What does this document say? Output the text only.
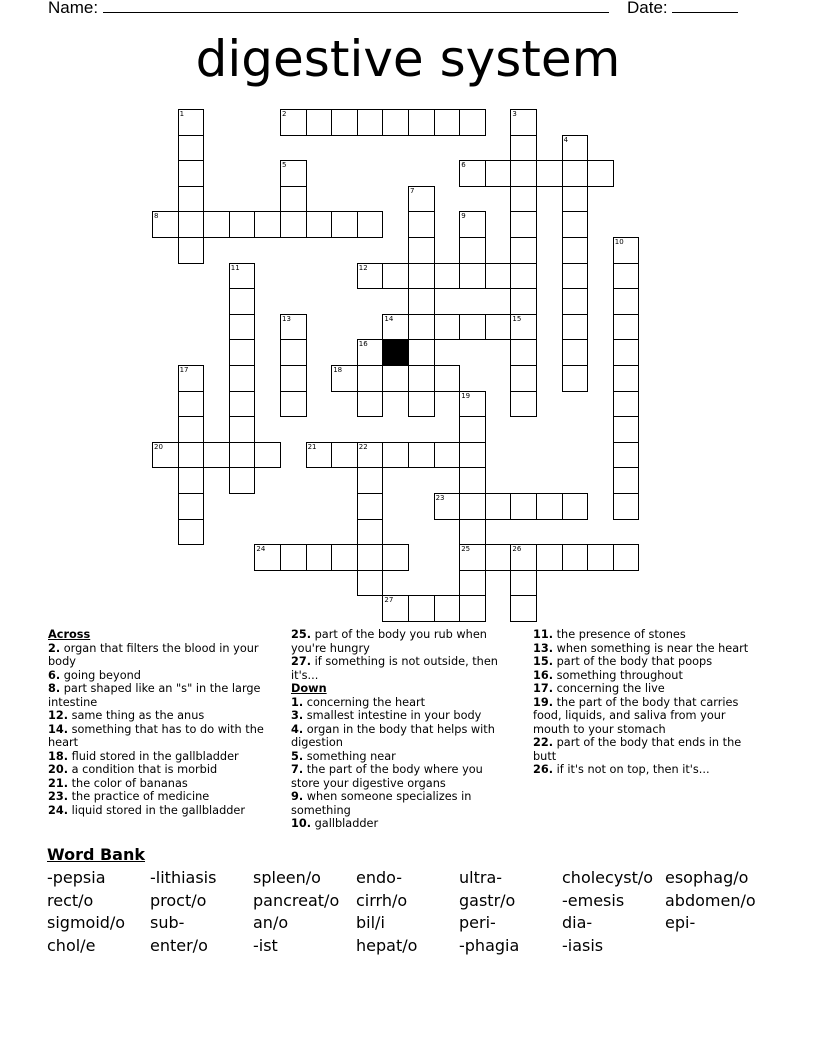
Name:	Date:
digestive system
1	2	3
4
5	6
7
8	9
10
11	12
13	14	15
16
17	18
19
25
20	21	22
23
24	26
27
Across

2. organ that filters the blood in your body

6. going beyond

8. part shaped like an "s" in the large intestine

12. same thing as the anus

14. something that has to do with the heart

18. fluid stored in the gallbladder

20. a condition that is morbid

21. the color of bananas

23. the practice of medicine

24. liquid stored in the gallbladder

25. part of the body you rub when you're hungry

27. if something is not outside, then it's...

Down

1. concerning the heart

3. smallest intestine in your body

4. organ in the body that helps with digestion

5. something near

7. the part of the body where you store your digestive organs

9. when someone specializes in something

10. gallbladder

11. the presence of stones

13. when something is near the heart

15. part of the body that poops

16. something throughout

17. concerning the live

19. the part of the body that carries food, liquids, and saliva from your mouth to your stomach

22. part of the body that ends in the butt

26. if it's not on top, then it's...

Word Bank
-pepsia	-lithiasis spleen/o endo-	ultra-	cholecyst/o esophag/o
rect/o	proct/o	pancreat/o cirrh/o	gastr/o	-emesis	abdomen/o
sigmoid/o sub-	an/o	bil/i	peri-	dia-	epi-
chol/e	enter/o	-ist	hepat/o	-phagia	-iasis
